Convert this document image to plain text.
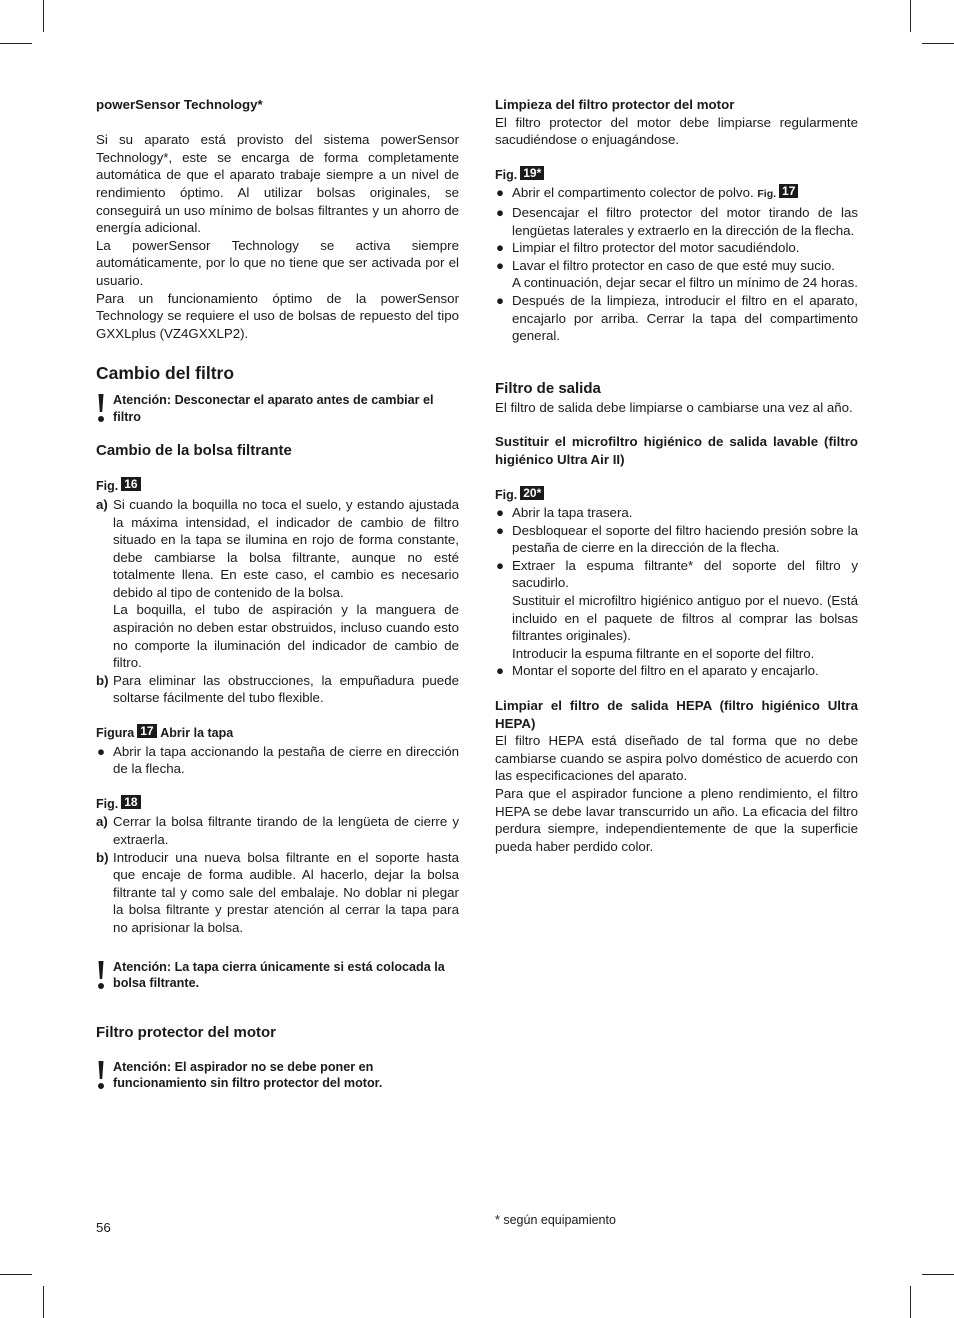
powerSensor Technology*

Si su aparato está provisto del sistema powerSensor Technology*, este se encarga de forma completamente automática de que el aparato trabaje siempre a un nivel de rendimiento óptimo. Al utilizar bolsas originales, se conseguirá un uso mínimo de bolsas filtrantes y un ahorro de energía adicional.

La powerSensor Technology se activa siempre automáticamente, por lo que no tiene que ser activada por el usuario.

Para un funcionamiento óptimo de la powerSensor Technology se requiere el uso de bolsas de repuesto del tipo GXXLplus (VZ4GXXLP2).

Cambio del filtro

Atención: Desconectar el aparato antes de cambiar el filtro

Cambio de la bolsa filtrante
Fig. 16
a) Si cuando la boquilla no toca el suelo, y estando ajustada la máxima intensidad, el indicador de cambio de filtro situado en la tapa se ilumina en rojo de forma constante, debe cambiarse la bolsa filtrante, aunque no esté totalmente llena. En este caso, el cambio es necesario debido al tipo de contenido de la bolsa.

La boquilla, el tubo de aspiración y la manguera de aspiración no deben estar obstruidos, incluso cuando esto no comporte la iluminación del indicador de cambio de filtro.

b) Para eliminar las obstrucciones, la empuñadura puede soltarse fácilmente del tubo flexible.

Figura 17 Abrir la tapa
● Abrir la tapa accionando la pestaña de cierre en dirección de la flecha.

Fig. 18
a) Cerrar la bolsa filtrante tirando de la lengüeta de cierre y extraerla.

b) Introducir una nueva bolsa filtrante en el soporte hasta que encaje de forma audible. Al hacerlo, dejar la bolsa filtrante tal y como sale del embalaje. No doblar ni plegar la bolsa filtrante y prestar atención al cerrar la tapa para no aprisionar la bolsa.

Atención: La tapa cierra únicamente si está colocada la bolsa filtrante.

Filtro protector del motor

Atención: El aspirador no se debe poner en funcionamiento sin filtro protector del motor.

Limpieza del filtro protector del motor

El filtro protector del motor debe limpiarse regularmente sacudiéndose o enjuagándose.

Fig. 19*
● Abrir el compartimento colector de polvo. Fig. 17
● Desencajar el filtro protector del motor tirando de las lengüetas laterales y extraerlo en la dirección de la flecha.

● Limpiar el filtro protector del motor sacudiéndolo.

● Lavar el filtro protector en caso de que esté muy sucio.

A continuación, dejar secar el filtro un mínimo de 24 horas.

● Después de la limpieza, introducir el filtro en el aparato, encajarlo por arriba. Cerrar la tapa del compartimento general.

Filtro de salida

El filtro de salida debe limpiarse o cambiarse una vez al año.

Sustituir el microfiltro higiénico de salida lavable (filtro higiénico Ultra Air II)

Fig. 20*
● Abrir la tapa trasera.

● Desbloquear el soporte del filtro haciendo presión sobre la pestaña de cierre en la dirección de la flecha.

● Extraer la espuma filtrante* del soporte del filtro y sacudirlo.

Sustituir el microfiltro higiénico antiguo por el nuevo. (Está incluido en el paquete de filtros al comprar las bolsas filtrantes originales).

Introducir la espuma filtrante en el soporte del filtro.

● Montar el soporte del filtro en el aparato y encajarlo.

Limpiar el filtro de salida HEPA (filtro higiénico Ultra HEPA)

El filtro HEPA está diseñado de tal forma que no debe cambiarse cuando se aspira polvo doméstico de acuerdo con las especificaciones del aparato.

Para que el aspirador funcione a pleno rendimiento, el filtro HEPA se debe lavar transcurrido un año. La eficacia del filtro perdura siempre, independientemente de que la superficie pueda haber perdido color.

56	* según equipamiento
